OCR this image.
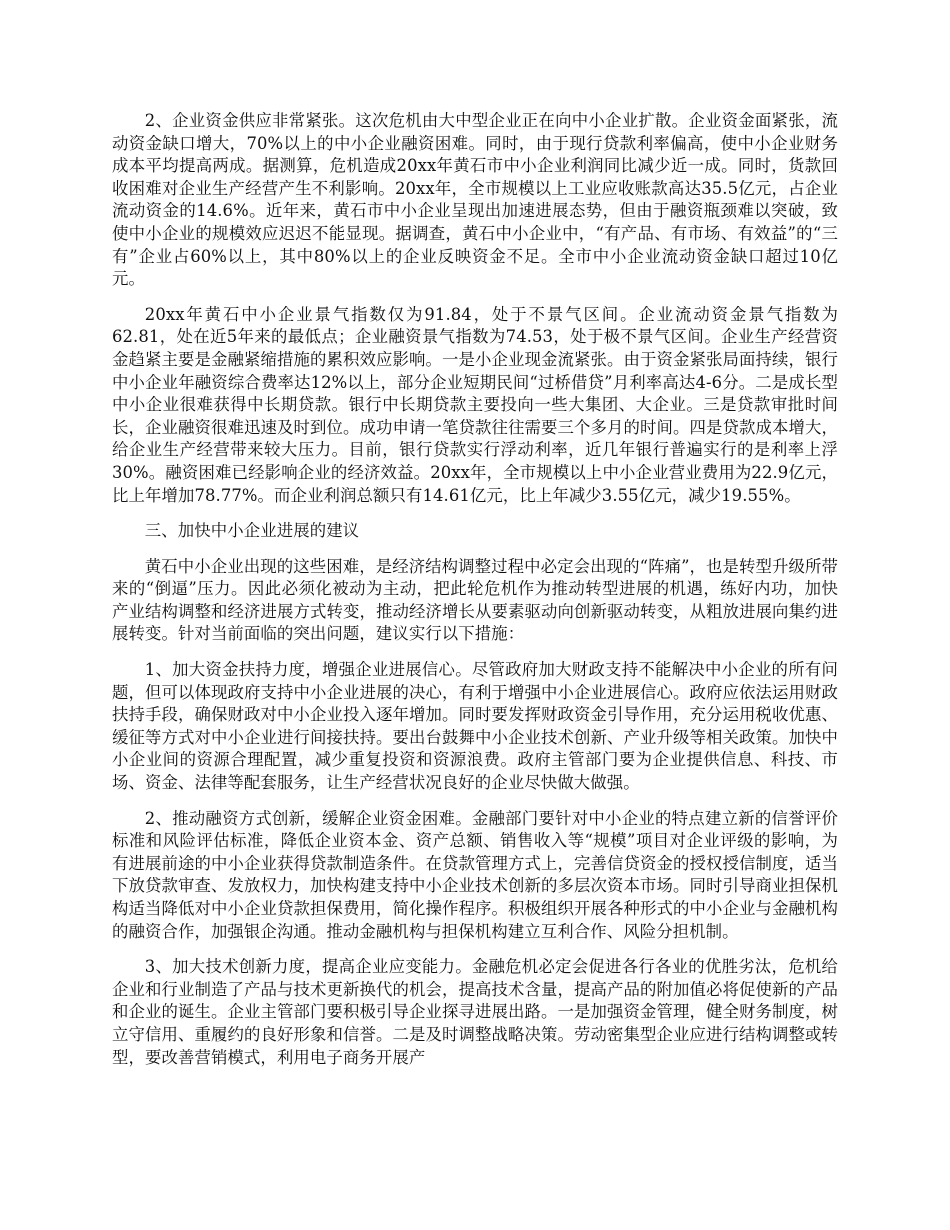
2、企业资金供应非常紧张。这次危机由大中型企业正在向中小企业扩散。企业资金面紧张，流动资金缺口增大，70%以上的中小企业融资困难。同时，由于现行贷款利率偏高，使中小企业财务成本平均提高两成。据测算，危机造成20xx年黄石市中小企业利润同比减少近一成。同时，货款回收困难对企业生产经营产生不利影响。20xx年，全市规模以上工业应收账款高达35.5亿元，占企业流动资金的14.6%。近年来，黄石市中小企业呈现出加速进展态势，但由于融资瓶颈难以突破，致使中小企业的规模效应迟迟不能显现。据调查，黄石中小企业中，“有产品、有市场、有效益”的“三有”企业占60%以上，其中80%以上的企业反映资金不足。全市中小企业流动资金缺口超过10亿元。

20xx年黄石中小企业景气指数仅为91.84，处于不景气区间。企业流动资金景气指数为62.81，处在近5年来的最低点；企业融资景气指数为74.53，处于极不景气区间。企业生产经营资金趋紧主要是金融紧缩措施的累积效应影响。一是小企业现金流紧张。由于资金紧张局面持续，银行中小企业年融资综合费率达12%以上，部分企业短期民间“过桥借贷”月利率高达4-6分。二是成长型中小企业很难获得中长期贷款。银行中长期贷款主要投向一些大集团、大企业。三是贷款审批时间长，企业融资很难迅速及时到位。成功申请一笔贷款往往需要三个多月的时间。四是贷款成本增大，给企业生产经营带来较大压力。目前，银行贷款实行浮动利率，近几年银行普遍实行的是利率上浮30%。融资困难已经影响企业的经济效益。20xx年，全市规模以上中小企业营业费用为22.9亿元，比上年增加78.77%。而企业利润总额只有14.61亿元，比上年减少3.55亿元，减少19.55%。

三、加快中小企业进展的建议

黄石中小企业出现的这些困难，是经济结构调整过程中必定会出现的“阵痛”，也是转型升级所带来的“倒逼”压力。因此必须化被动为主动，把此轮危机作为推动转型进展的机遇，练好内功，加快产业结构调整和经济进展方式转变，推动经济增长从要素驱动向创新驱动转变，从粗放进展向集约进展转变。针对当前面临的突出问题，建议实行以下措施：

1、加大资金扶持力度，增强企业进展信心。尽管政府加大财政支持不能解决中小企业的所有问题，但可以体现政府支持中小企业进展的决心，有利于增强中小企业进展信心。政府应依法运用财政扶持手段，确保财政对中小企业投入逐年增加。同时要发挥财政资金引导作用，充分运用税收优惠、缓征等方式对中小企业进行间接扶持。要出台鼓舞中小企业技术创新、产业升级等相关政策。加快中小企业间的资源合理配置，减少重复投资和资源浪费。政府主管部门要为企业提供信息、科技、市场、资金、法律等配套服务，让生产经营状况良好的企业尽快做大做强。

2、推动融资方式创新，缓解企业资金困难。金融部门要针对中小企业的特点建立新的信誉评价标准和风险评估标准，降低企业资本金、资产总额、销售收入等“规模”项目对企业评级的影响，为有进展前途的中小企业获得贷款制造条件。在贷款管理方式上，完善信贷资金的授权授信制度，适当下放贷款审查、发放权力，加快构建支持中小企业技术创新的多层次资本市场。同时引导商业担保机构适当降低对中小企业贷款担保费用，简化操作程序。积极组织开展各种形式的中小企业与金融机构的融资合作，加强银企沟通。推动金融机构与担保机构建立互利合作、风险分担机制。

3、加大技术创新力度，提高企业应变能力。金融危机必定会促进各行各业的优胜劣汰，危机给企业和行业制造了产品与技术更新换代的机会，提高技术含量，提高产品的附加值必将促使新的产品和企业的诞生。企业主管部门要积极引导企业探寻进展出路。一是加强资金管理，健全财务制度，树立守信用、重履约的良好形象和信誉。二是及时调整战略决策。劳动密集型企业应进行结构调整或转型，要改善营销模式，利用电子商务开展产
